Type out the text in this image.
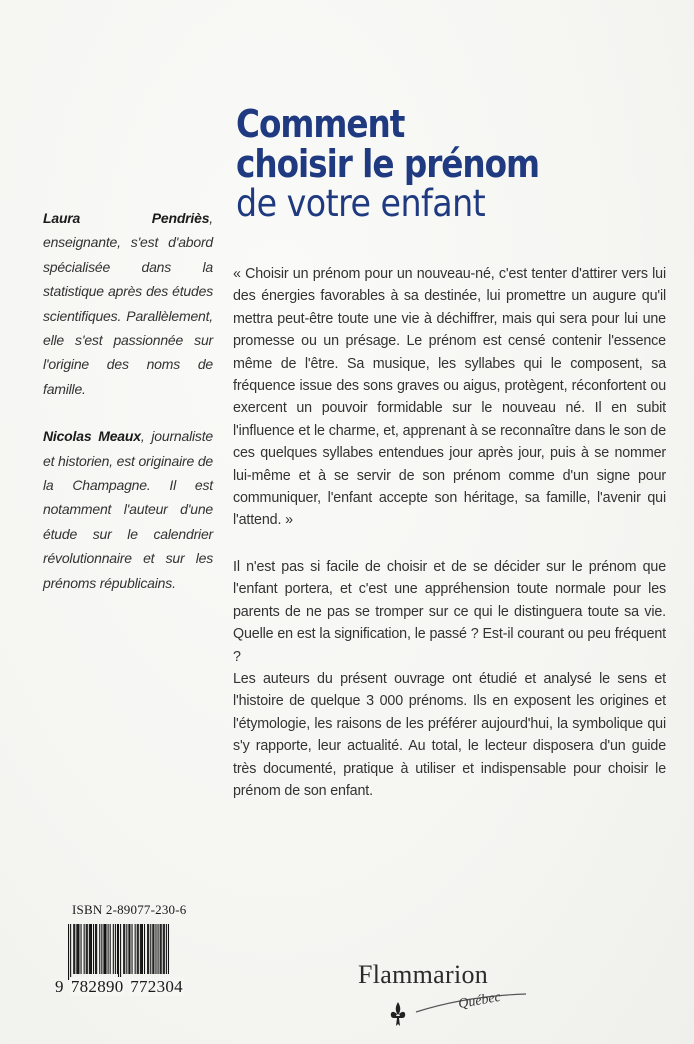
Comment
choisir le prénom
de votre enfant
Laura Pendriès, enseignante, s'est d'abord spécialisée dans la statistique après des études scientifiques. Parallèlement, elle s'est passionnée sur l'origine des noms de famille.
Nicolas Meaux, journaliste et historien, est originaire de la Champagne. Il est notamment l'auteur d'une étude sur le calendrier révolutionnaire et sur les prénoms républicains.

« Choisir un prénom pour un nouveau-né, c'est tenter d'attirer vers lui des énergies favorables à sa destinée, lui promettre un augure qu'il mettra peut-être toute une vie à déchiffrer, mais qui sera pour lui une promesse ou un présage. Le prénom est censé contenir l'essence même de l'être. Sa musique, les syllabes qui le composent, sa fréquence issue des sons graves ou aigus, protègent, réconfortent ou exercent un pouvoir formidable sur le nouveau né. Il en subit l'influence et le charme, et, apprenant à se reconnaître dans le son de ces quelques syllabes entendues jour après jour, puis à se nommer lui-même et à se servir de son prénom comme d'un signe pour communiquer, l'enfant accepte son héritage, sa famille, l'avenir qui l'attend. »

Il n'est pas si facile de choisir et de se décider sur le prénom que l'enfant portera, et c'est une appréhension toute normale pour les parents de ne pas se tromper sur ce qui le distinguera toute sa vie. Quelle en est la signification, le passé ? Est-il courant ou peu fréquent ?

Les auteurs du présent ouvrage ont étudié et analysé le sens et l'histoire de quelque 3 000 prénoms. Ils en exposent les origines et l'étymologie, les raisons de les préférer aujourd'hui, la symbolique qui s'y rapporte, leur actualité. Au total, le lecteur disposera d'un guide très documenté, pratique à utiliser et indispensable pour choisir le prénom de son enfant.

ISBN 2-89077-230-6
9 782890 772304	Flammarion
Québec
